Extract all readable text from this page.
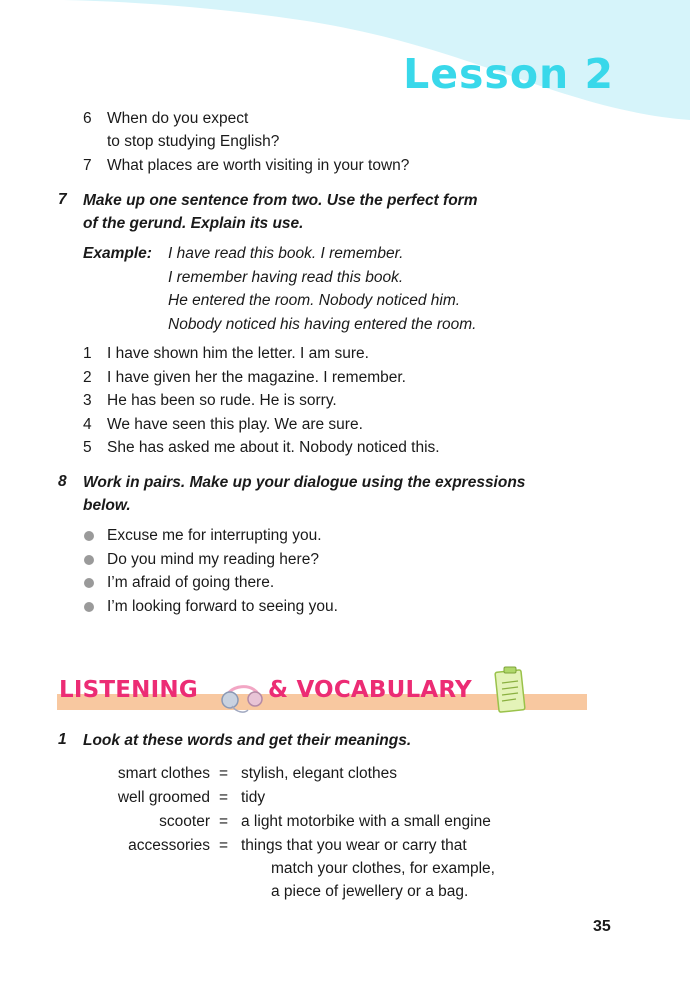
Lesson 2
6 When do you expect
to stop studying English?
7 What places are worth visiting in your town?
7 Make up one sentence from two. Use the perfect form
of the gerund. Explain its use.
Example: I have read this book. I remember.
I remember having read this book.
He entered the room. Nobody noticed him.
Nobody noticed his having entered the room.
1 I have shown him the letter. I am sure.
2 I have given her the magazine. I remember.
3 He has been so rude. He is sorry.
4 We have seen this play. We are sure.
5 She has asked me about it. Nobody noticed this.
8 Work in pairs. Make up your dialogue using the expressions
below.
Excuse me for interrupting you.
Do you mind my reading here?
I’m afraid of going there.
I’m looking forward to seeing you.
LISTENING	& VOCABULARY
1 Look at these words and get their meanings.
smart clothes = stylish, elegant clothes
well groomed = tidy
scooter = a light motorbike with a small engine
accessories = things that you wear or carry that
match your clothes, for example,
a piece of jewellery or a bag.
35
